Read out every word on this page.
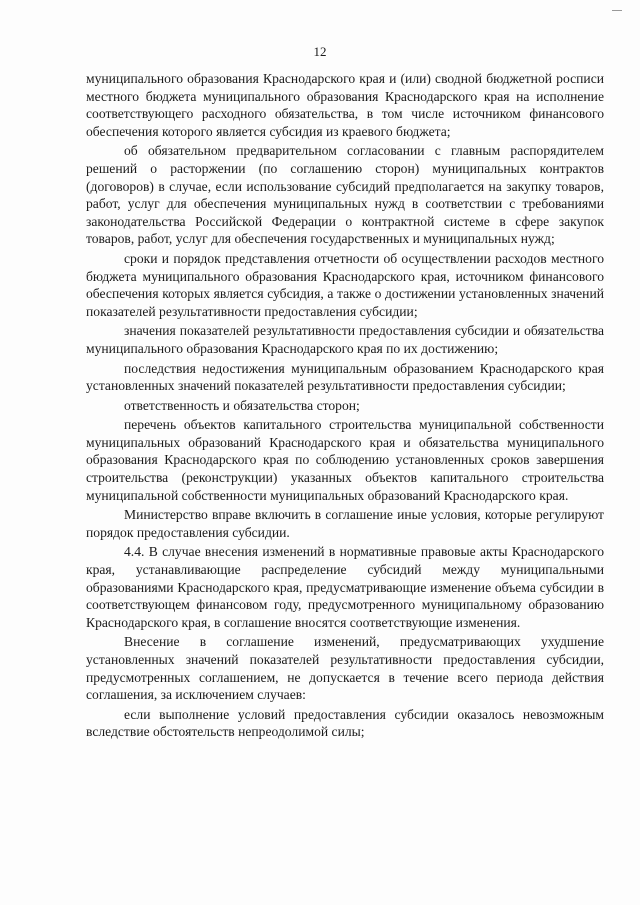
12

муниципального образования Краснодарского края и (или) сводной бюджетной росписи местного бюджета муниципального образования Краснодарского края на исполнение соответствующего расходного обязательства, в том числе источником финансового обеспечения которого является субсидия из краевого бюджета;

об обязательном предварительном согласовании с главным распорядителем решений о расторжении (по соглашению сторон) муниципальных контрактов (договоров) в случае, если использование субсидий предполагается на закупку товаров, работ, услуг для обеспечения муниципальных нужд в соответствии с требованиями законодательства Российской Федерации о контрактной системе в сфере закупок товаров, работ, услуг для обеспечения государственных и муниципальных нужд;

сроки и порядок представления отчетности об осуществлении расходов местного бюджета муниципального образования Краснодарского края, источником финансового обеспечения которых является субсидия, а также о достижении установленных значений показателей результативности предоставления субсидии;

значения показателей результативности предоставления субсидии и обязательства муниципального образования Краснодарского края по их достижению;

последствия недостижения муниципальным образованием Краснодарского края установленных значений показателей результативности предоставления субсидии;

ответственность и обязательства сторон;

перечень объектов капитального строительства муниципальной собственности муниципальных образований Краснодарского края и обязательства муниципального образования Краснодарского края по соблюдению установленных сроков завершения строительства (реконструкции) указанных объектов капитального строительства муниципальной собственности муниципальных образований Краснодарского края.

Министерство вправе включить в соглашение иные условия, которые регулируют порядок предоставления субсидии.

4.4. В случае внесения изменений в нормативные правовые акты Краснодарского края, устанавливающие распределение субсидий между муниципальными образованиями Краснодарского края, предусматривающие изменение объема субсидии в соответствующем финансовом году, предусмотренного муниципальному образованию Краснодарского края, в соглашение вносятся соответствующие изменения.

Внесение в соглашение изменений, предусматривающих ухудшение установленных значений показателей результативности предоставления субсидии, предусмотренных соглашением, не допускается в течение всего периода действия соглашения, за исключением случаев:

если выполнение условий предоставления субсидии оказалось невозможным вследствие обстоятельств непреодолимой силы;
